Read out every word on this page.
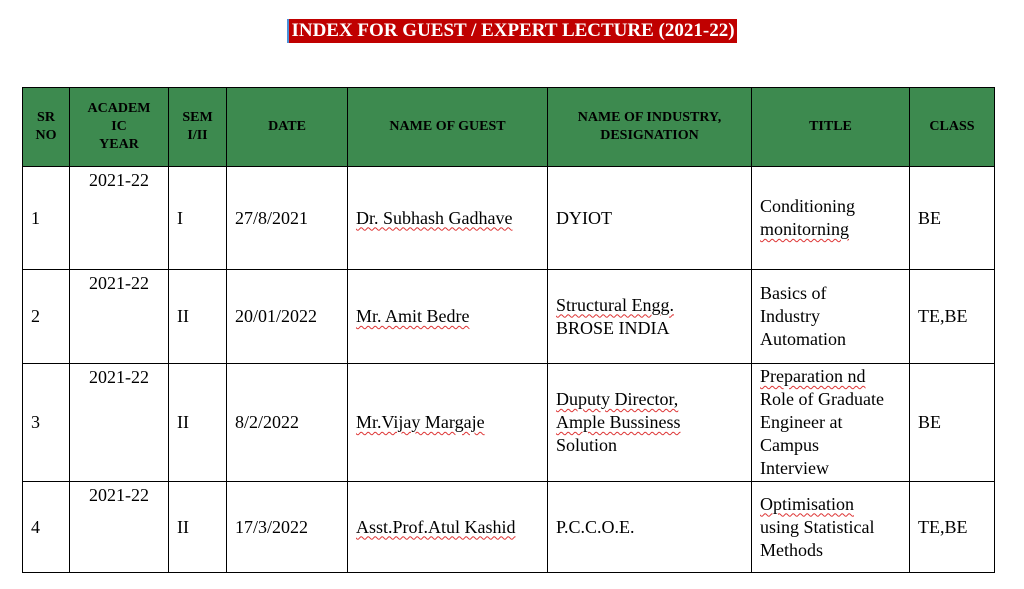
INDEX FOR GUEST / EXPERT LECTURE (2021-22)
SR
NO	ACADEM
IC
YEAR	SEM
I/II	DATE	NAME OF GUEST	NAME OF INDUSTRY,
DESIGNATION	TITLE	CLASS
1	2021-22	I	27/8/2021	Dr. Subhash Gadhave	DYIOT	Conditioning
monitorning	BE
2	2021-22	II	20/01/2022	Mr. Amit Bedre	Structural Engg.
BROSE INDIA	Basics of
Industry
Automation	TE,BE
3	2021-22	II	8/2/2022	Mr.Vijay Margaje	Duputy Director,
Ample Bussiness
Solution	Preparation nd
Role of Graduate
Engineer at
Campus
Interview	BE
4	2021-22	II	17/3/2022	Asst.Prof.Atul Kashid	P.C.C.O.E.	Optimisation
using Statistical
Methods	TE,BE
